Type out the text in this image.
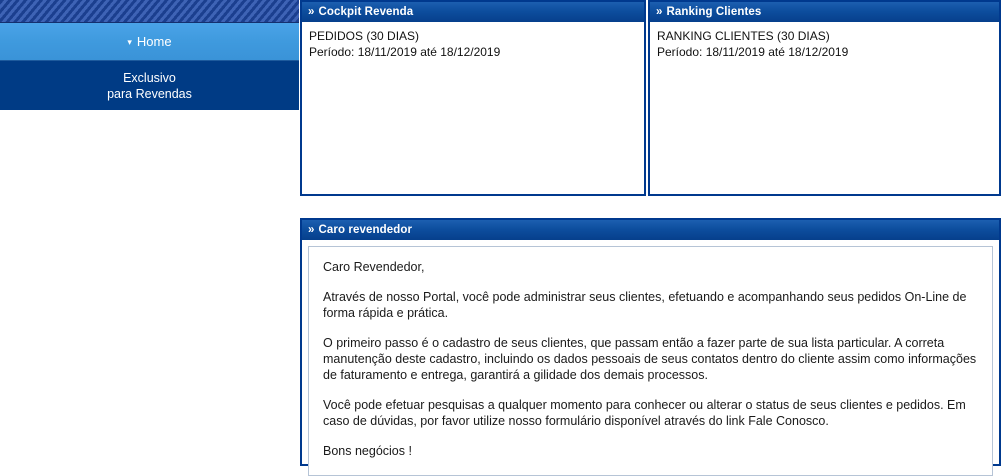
▾ Home
Exclusivo
para Revendas
» Cockpit Revenda
PEDIDOS (30 DIAS)
Período: 18/11/2019 até 18/12/2019
» Ranking Clientes
RANKING CLIENTES (30 DIAS)
Período: 18/11/2019 até 18/12/2019
» Caro revendedor

Caro Revendedor,

Através de nosso Portal, você pode administrar seus clientes, efetuando e acompanhando seus pedidos On-Line de forma rápida e prática.

O primeiro passo é o cadastro de seus clientes, que passam então a fazer parte de sua lista particular. A correta manutenção deste cadastro, incluindo os dados pessoais de seus contatos dentro do cliente assim como informações de faturamento e entrega, garantirá a gilidade dos demais processos.

Você pode efetuar pesquisas a qualquer momento para conhecer ou alterar o status de seus clientes e pedidos. Em caso de dúvidas, por favor utilize nosso formulário disponível através do link Fale Conosco.

Bons negócios !
